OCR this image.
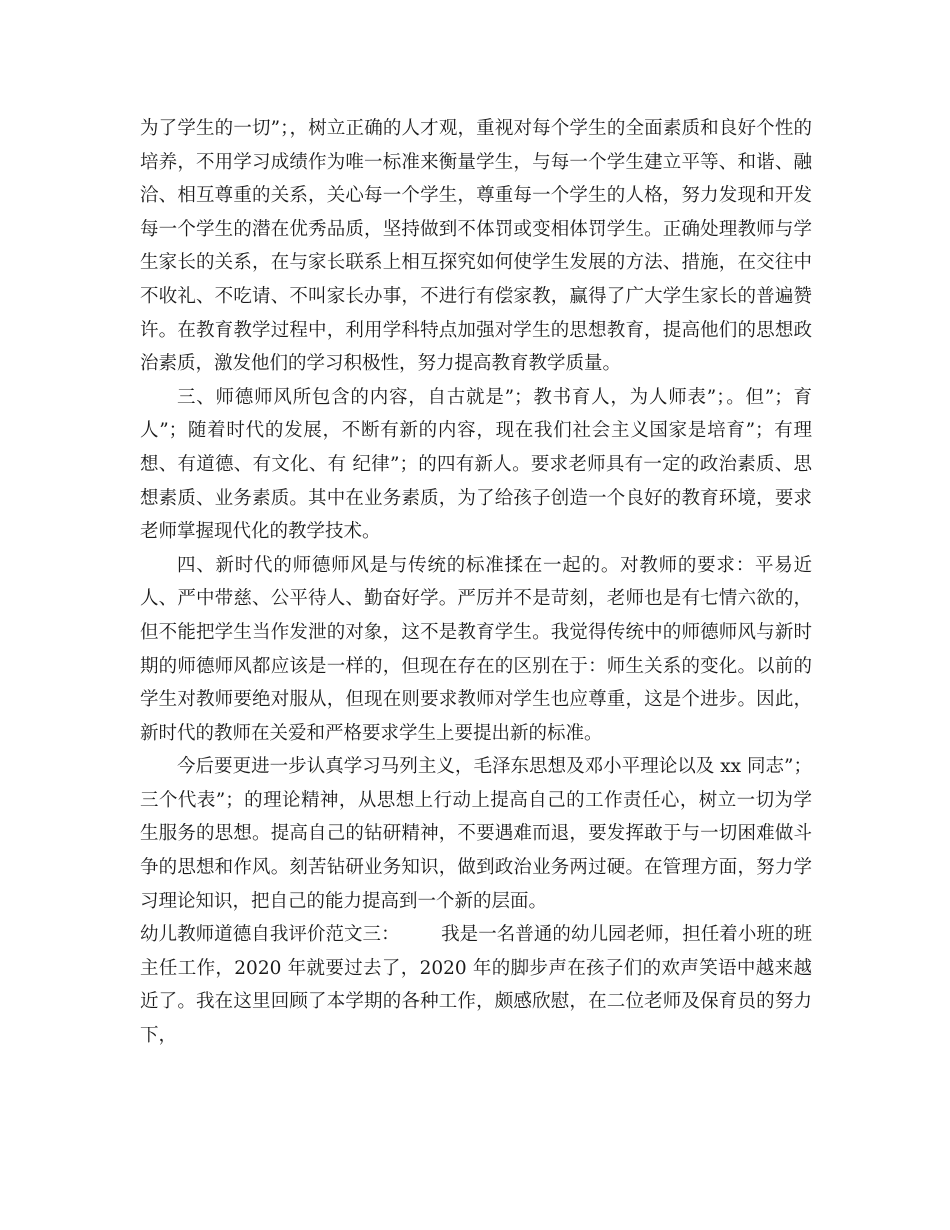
为了学生的一切”；，树立正确的人才观，重视对每个学生的全面素质和良好个性的培养，不用学习成绩作为唯一标准来衡量学生，与每一个学生建立平等、和谐、融洽、相互尊重的关系，关心每一个学生，尊重每一个学生的人格，努力发现和开发每一个学生的潜在优秀品质，坚持做到不体罚或变相体罚学生。正确处理教师与学生家长的关系，在与家长联系上相互探究如何使学生发展的方法、措施，在交往中不收礼、不吃请、不叫家长办事，不进行有偿家教，赢得了广大学生家长的普遍赞许。在教育教学过程中，利用学科特点加强对学生的思想教育，提高他们的思想政治素质，激发他们的学习积极性，努力提高教育教学质量。

三、师德师风所包含的内容，自古就是”；教书育人，为人师表”；。但”；育人”；随着时代的发展，不断有新的内容，现在我们社会主义国家是培育”；有理想、有道德、有文化、有 纪律”；的四有新人。要求老师具有一定的政治素质、思想素质、业务素质。其中在业务素质，为了给孩子创造一个良好的教育环境，要求老师掌握现代化的教学技术。

四、新时代的师德师风是与传统的标准揉在一起的。对教师的要求：平易近人、严中带慈、公平待人、勤奋好学。严厉并不是苛刻，老师也是有七情六欲的，但不能把学生当作发泄的对象，这不是教育学生。我觉得传统中的师德师风与新时期的师德师风都应该是一样的，但现在存在的区别在于：师生关系的变化。以前的学生对教师要绝对服从，但现在则要求教师对学生也应尊重，这是个进步。因此，新时代的教师在关爱和严格要求学生上要提出新的标准。

今后要更进一步认真学习马列主义，毛泽东思想及邓小平理论以及 xx 同志”；三个代表”；的理论精神，从思想上行动上提高自己的工作责任心，树立一切为学生服务的思想。提高自己的钻研精神，不要遇难而退，要发挥敢于与一切困难做斗争的思想和作风。刻苦钻研业务知识，做到政治业务两过硬。在管理方面，努力学习理论知识，把自己的能力提高到一个新的层面。

幼儿教师道德自我评价范文三：       我是一名普通的幼儿园老师，担任着小班的班主任工作，2020 年就要过去了，2020 年的脚步声在孩子们的欢声笑语中越来越近了。我在这里回顾了本学期的各种工作，颇感欣慰，在二位老师及保育员的努力下，
